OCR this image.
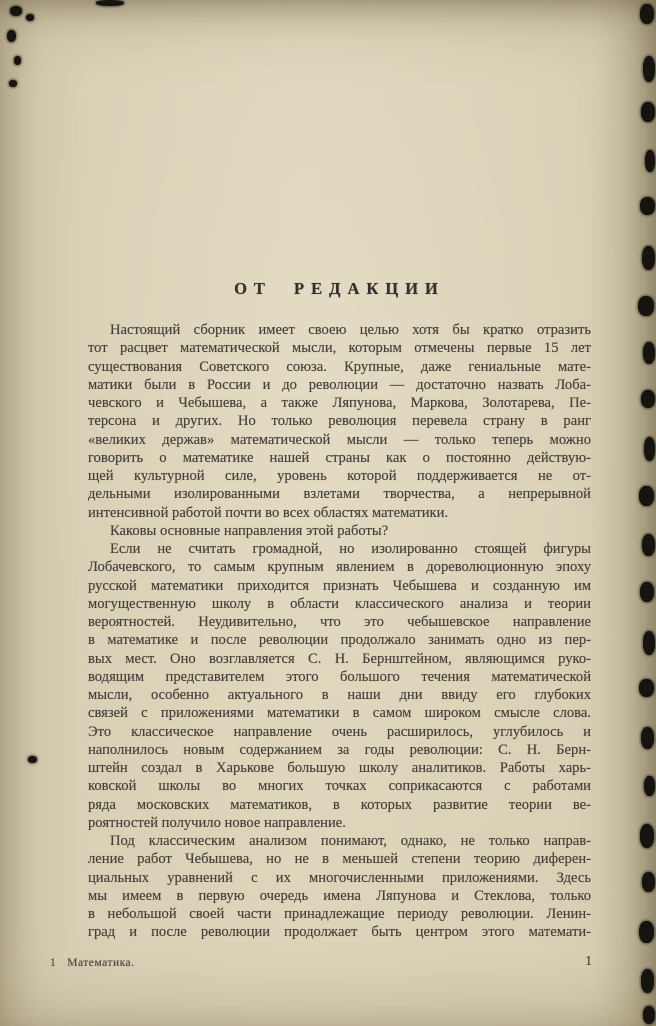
ОТ РЕДАКЦИИ
Настоящий сборник имеет своею целью хотя бы кратко отразить
тот расцвет математической мысли, которым отмечены первые 15 лет
существования Советского союза. Крупные, даже гениальные мате-
матики были в России и до революции — достаточно назвать Лоба-
чевского и Чебышева, а также Ляпунова, Маркова, Золотарева, Пе-
терсона и других. Но только революция перевела страну в ранг
«великих держав» математической мысли — только теперь можно
говорить о математике нашей страны как о постоянно действую-
щей культурной силе, уровень которой поддерживается не от-
дельными изолированными взлетами творчества, а непрерывной
интенсивной работой почти во всех областях математики.
Каковы основные направления этой работы?
Если не считать громадной, но изолированно стоящей фигуры
Лобачевского, то самым крупным явлением в дореволюционную эпоху
русской математики приходится признать Чебышева и созданную им
могущественную школу в области классического анализа и теории
вероятностей. Неудивительно, что это чебышевское направление
в математике и после революции продолжало занимать одно из пер-
вых мест. Оно возглавляется С. Н. Бернштейном, являющимся руко-
водящим представителем этого большого течения математической
мысли, особенно актуального в наши дни ввиду его глубоких
связей с приложениями математики в самом широком смысле слова.
Это классическое направление очень расширилось, углубилось и
наполнилось новым содержанием за годы революции: С. Н. Берн-
штейн создал в Харькове большую школу аналитиков. Работы харь-
ковской школы во многих точках соприкасаются с работами
ряда московских математиков, в которых развитие теории ве-
роятностей получило новое направление.
Под классическим анализом понимают, однако, не только направ-
ление работ Чебышева, но не в меньшей степени теорию диферен-
циальных уравнений с их многочисленными приложениями. Здесь
мы имеем в первую очередь имена Ляпунова и Стеклова, только
в небольшой своей части принадлежащие периоду революции. Ленин-
град и после революции продолжает быть центром этого математи-
1 Математика.	1
